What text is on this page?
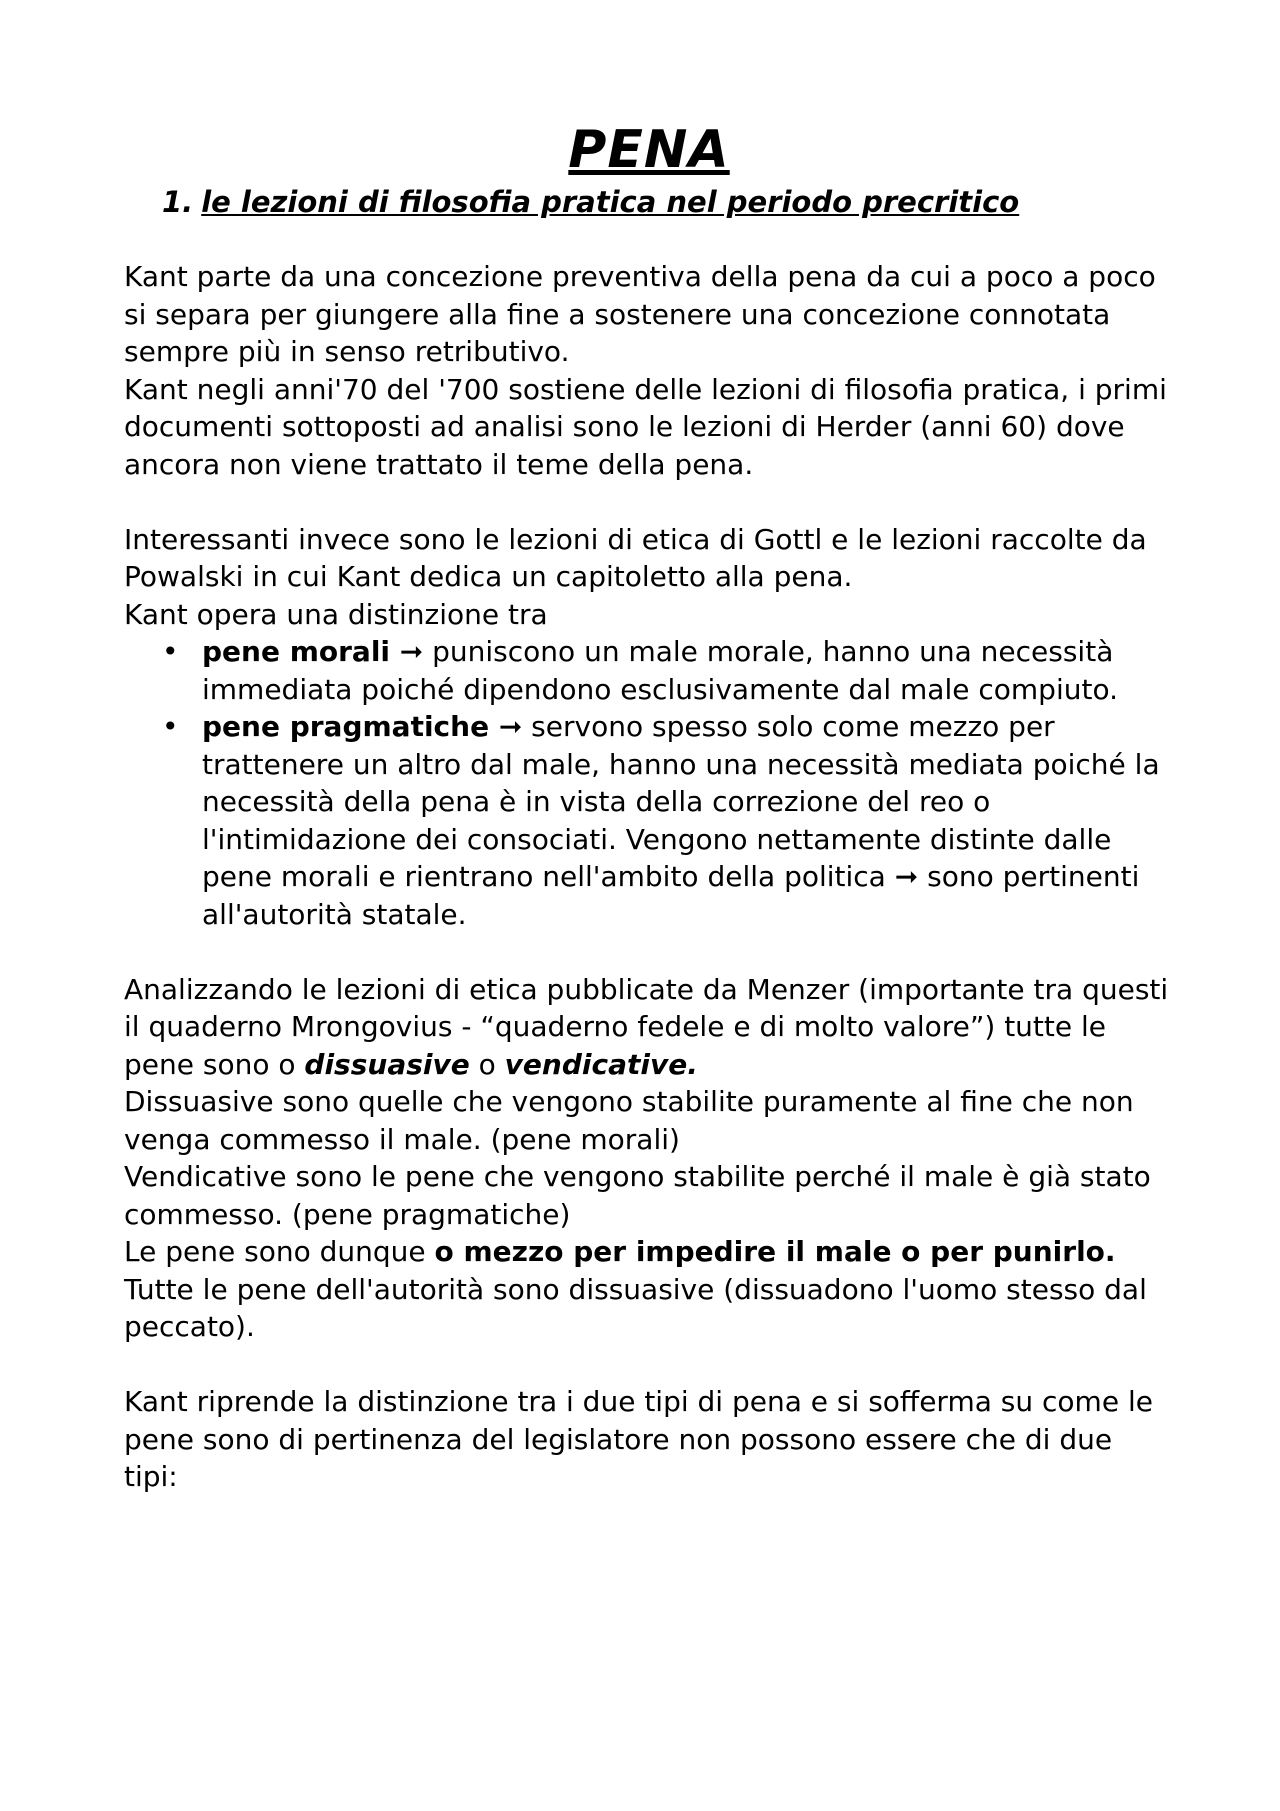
PENA
1. le lezioni di filosofia pratica nel periodo precritico

Kant parte da una concezione preventiva della pena da cui a poco a poco si separa per giungere alla fine a sostenere una concezione connotata sempre più in senso retributivo.

Kant negli anni'70 del '700 sostiene delle lezioni di filosofia pratica, i primi documenti sottoposti ad analisi sono le lezioni di Herder (anni 60) dove ancora non viene trattato il teme della pena.

Interessanti invece sono le lezioni di etica di Gottl e le lezioni raccolte da Powalski in cui Kant dedica un capitoletto alla pena.

Kant opera una distinzione tra

• pene morali ➞ puniscono un male morale, hanno una necessità immediata poiché dipendono esclusivamente dal male compiuto.
• pene pragmatiche ➞ servono spesso solo come mezzo per trattenere un altro dal male, hanno una necessità mediata poiché la necessità della pena è in vista della correzione del reo o l'intimidazione dei consociati. Vengono nettamente distinte dalle pene morali e rientrano nell'ambito della politica ➞ sono pertinenti all'autorità statale.

Analizzando le lezioni di etica pubblicate da Menzer (importante tra questi il quaderno Mrongovius - “quaderno fedele e di molto valore”) tutte le pene sono o dissuasive o vendicative.

Dissuasive sono quelle che vengono stabilite puramente al fine che non venga commesso il male. (pene morali)

Vendicative sono le pene che vengono stabilite perché il male è già stato commesso. (pene pragmatiche)

Le pene sono dunque o mezzo per impedire il male o per punirlo.

Tutte le pene dell'autorità sono dissuasive (dissuadono l'uomo stesso dal peccato).

Kant riprende la distinzione tra i due tipi di pena e si sofferma su come le pene sono di pertinenza del legislatore non possono essere che di due tipi:
